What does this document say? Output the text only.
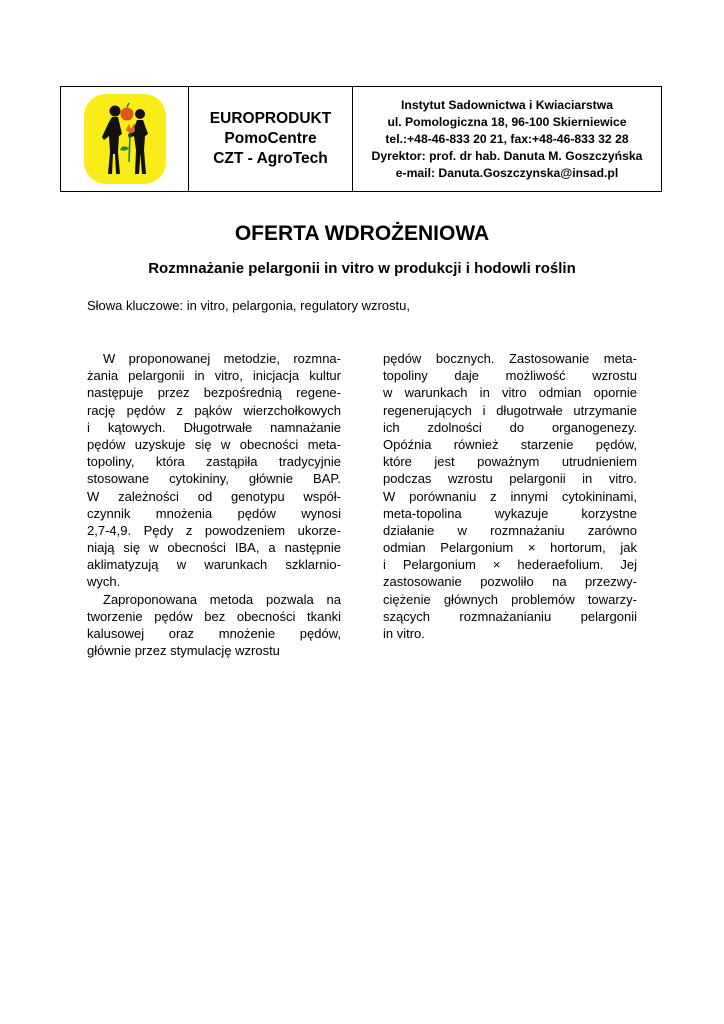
EUROPRODUKT
PomoCentre
CZT - AgroTech
Instytut Sadownictwa i Kwiaciarstwa
ul. Pomologiczna 18, 96-100 Skierniewice
tel.:+48-46-833 20 21, fax:+48-46-833 32 28
Dyrektor: prof. dr hab. Danuta M. Goszczyńska
e-mail: Danuta.Goszczynska@insad.pl
OFERTA WDROŻENIOWA
Rozmnażanie pelargonii in vitro w produkcji i hodowli roślin
Słowa kluczowe: in vitro, pelargonia, regulatory wzrostu,
W proponowanej metodzie, rozmna-
żania pelargonii in vitro, inicjacja kultur
następuje przez bezpośrednią regene-
rację pędów z pąków wierzchołkowych
i kątowych. Długotrwałe namnażanie
pędów uzyskuje się w obecności meta-
topoliny, która zastąpiła tradycyjnie
stosowane cytokininy, głównie BAP.
W zależności od genotypu współ-
czynnik mnożenia pędów wynosi
2,7-4,9. Pędy z powodzeniem ukorze-
niają się w obecności IBA, a następnie
aklimatyzują w warunkach szklarnio-
wych.
Zaproponowana metoda pozwala na
tworzenie pędów bez obecności tkanki
kalusowej oraz mnożenie pędów,
głównie przez stymulację wzrostu
pędów bocznych. Zastosowanie meta-
topoliny daje możliwość wzrostu
w warunkach in vitro odmian opornie
regenerujących i długotrwałe utrzymanie
ich zdolności do organogenezy.
Opóźnia również starzenie pędów,
które jest poważnym utrudnieniem
podczas wzrostu pelargonii in vitro.
W porównaniu z innymi cytokininami,
meta-topolina wykazuje korzystne
działanie w rozmnażaniu zarówno
odmian Pelargonium × hortorum, jak
i Pelargonium × hederaefolium. Jej
zastosowanie pozwoliło na przezwy-
ciężenie głównych problemów towarzy-
szących rozmnażanianiu pelargonii
in vitro.
